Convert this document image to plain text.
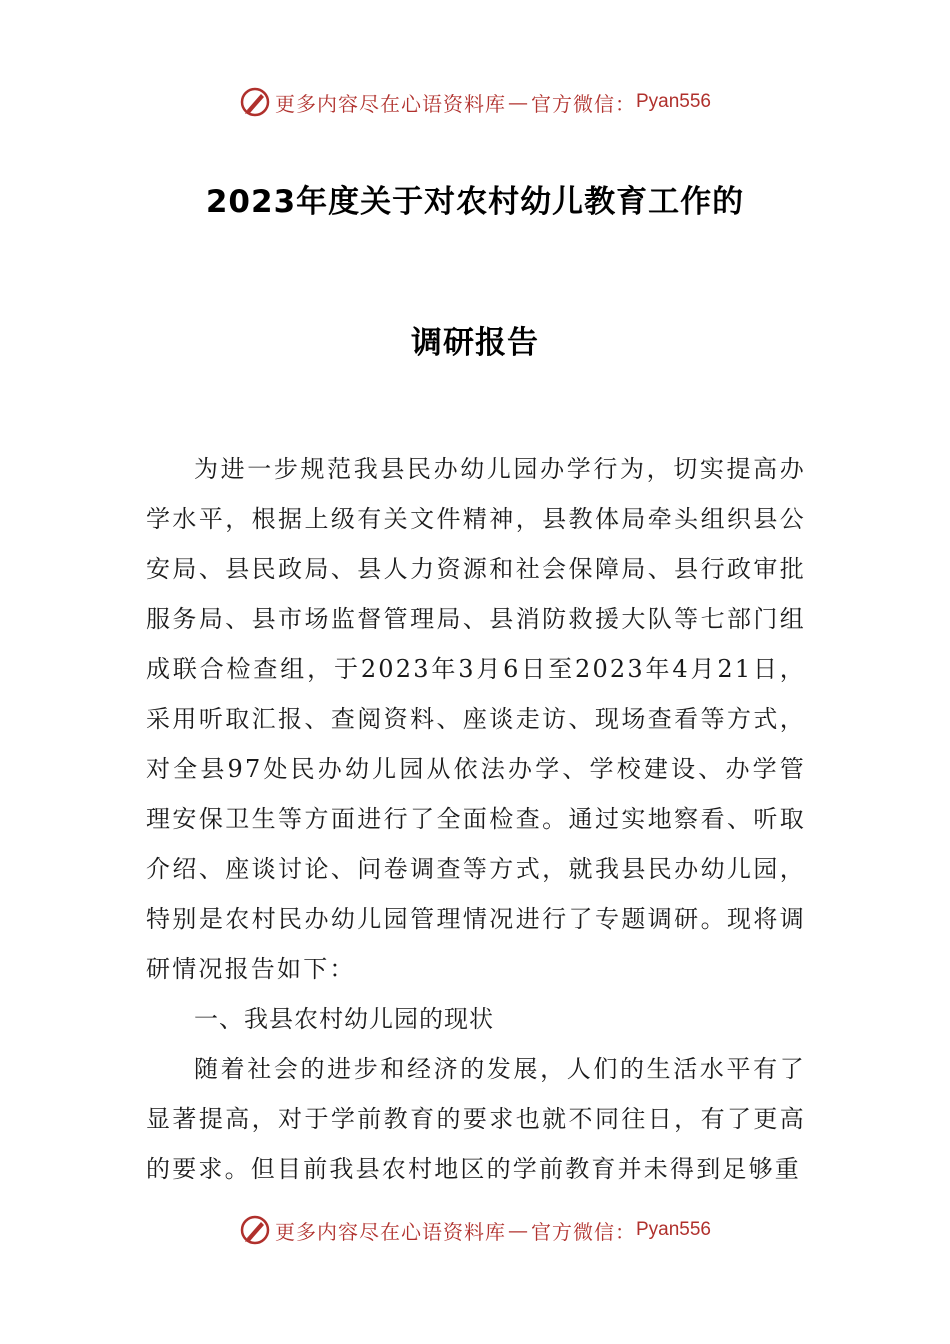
更多内容尽在心语资料库 — 官方微信： Pyan556
2023年度关于对农村幼儿教育工作的
调研报告

为进一步规范我县民办幼儿园办学行为，切实提高办学水平，根据上级有关文件精神，县教体局牵头组织县公安局、县民政局、县人力资源和社会保障局、县行政审批服务局、县市场监督管理局、县消防救援大队等七部门组成联合检查组，于2023年3月6日至2023年4月21日，采用听取汇报、查阅资料、座谈走访、现场查看等方式，对全县97处民办幼儿园从依法办学、学校建设、办学管理安保卫生等方面进行了全面检查。通过实地察看、听取介绍、座谈讨论、问卷调查等方式，就我县民办幼儿园，特别是农村民办幼儿园管理情况进行了专题调研。现将调研情况报告如下：

一、我县农村幼儿园的现状

随着社会的进步和经济的发展，人们的生活水平有了显著提高，对于学前教育的要求也就不同往日，有了更高的要求。但目前我县农村地区的学前教育并未得到足够重

更多内容尽在心语资料库 — 官方微信： Pyan556
